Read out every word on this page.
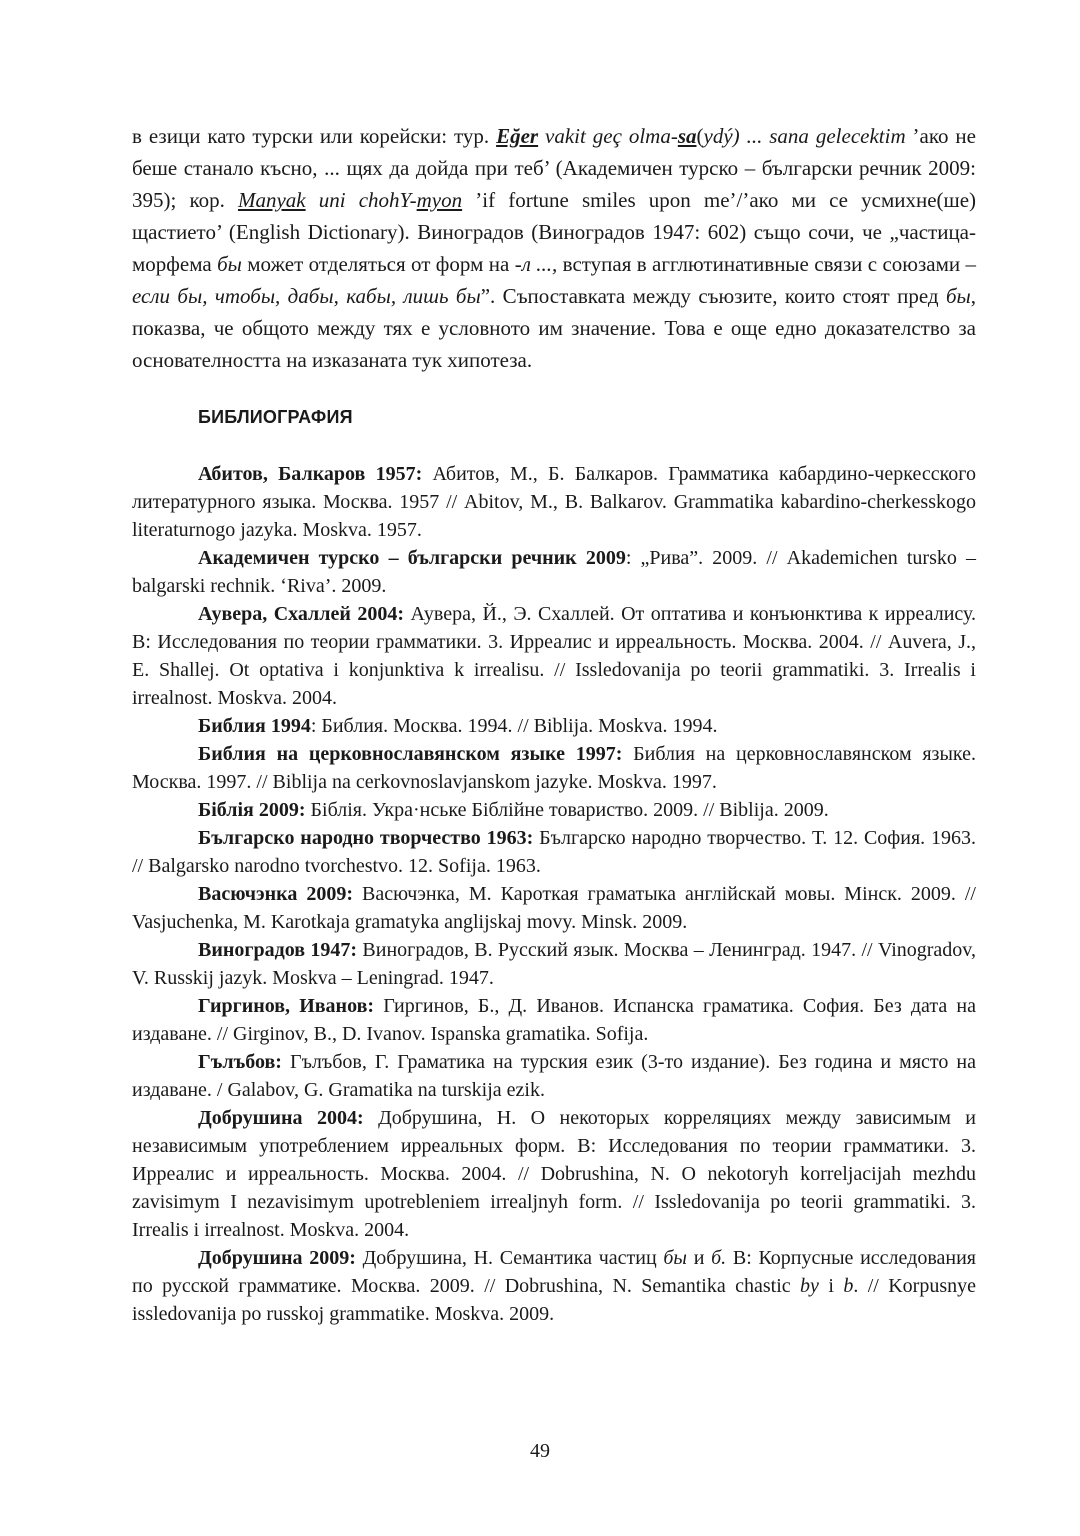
в езици като турски или корейски: тур. Eğer vakit geç olma-sa(ydý) ... sana gelecektim ’ако не беше станало късно, ... щях да дойда при теб’ (Академичен турско – български речник 2009: 395); кор. Manyak uni chohY-myon ’if fortune smiles upon me’/’ако ми се усмихне(ше) щастието’ (English Dictionary). Виноградов (Виноградов 1947: 602) също сочи, че „частица-морфема бы может отделяться от форм на -л ..., вступая в агглютинативные связи с союзами – если бы, чтобы, дабы, кабы, лишь бы”. Съпоставката между съюзите, които стоят пред бы, показва, че общото между тях е условното им значение. Това е още едно доказателство за основателността на изказаната тук хипотеза.

БИБЛИОГРАФИЯ

Абитов, Балкаров 1957: Абитов, М., Б. Балкаров. Грамматика кабардино-черкесского литературного языка. Москва. 1957 // Abitov, M., B. Balkarov. Grammatika kabardino-cherkesskogo literaturnogo jazyka. Moskva. 1957.

Академичен турско – български речник 2009: „Рива”. 2009. // Akademichen tursko – balgarski rechnik. ‘Riva’. 2009.

Аувера, Схаллей 2004: Аувера, Й., Э. Схаллей. От оптатива и конъюнктива к ирреалису. В: Исследования по теории грамматики. 3. Ирреалис и ирреальность. Москва. 2004. // Auvera, J., E. Shallej. Ot optativa i konjunktiva k irrealisu. // Issledovanija po teorii grammatiki. 3. Irrealis i irrealnost. Moskva. 2004.

Библия 1994: Библия. Москва. 1994. // Biblija. Moskva. 1994.

Библия на церковнославянском языке 1997: Библия на церковнославянском языке. Москва. 1997. // Biblija na cerkovnoslavjanskom jazyke. Moskva. 1997.

Біблія 2009: Біблія. Укра·нське Біблійне товариство. 2009. // Biblija. 2009.

Българско народно творчество 1963: Българско народно творчество. Т. 12. София. 1963. // Balgarsko narodno tvorchestvo. 12. Sofija. 1963.

Васючэнка 2009: Васючэнка, М. Кароткая граматыка англійскай мовы. Мінск. 2009. // Vasjuchenka, M. Karotkaja gramatyka anglijskaj movy. Minsk. 2009.

Виноградов 1947: Виноградов, В. Русский язык. Москва – Ленинград. 1947. // Vinogradov, V. Russkij jazyk. Moskva – Leningrad. 1947.

Гиргинов, Иванов: Гиргинов, Б., Д. Иванов. Испанска граматика. София. Без дата на издаване. // Girginov, B., D. Ivanov. Ispanska gramatika. Sofija.

Гълъбов: Гълъбов, Г. Граматика на турския език (3-то издание). Без година и място на издаване. / Galabov, G. Gramatika na turskija ezik.

Добрушина 2004: Добрушина, Н. О некоторых корреляциях между зависимым и независимым употреблением ирреальных форм. В: Исследования по теории грамматики. 3. Ирреалис и ирреальность. Москва. 2004. // Dobrushina, N. O nekotoryh korreljacijah mezhdu zavisimym I nezavisimym upotrebleniem irrealjnyh form. // Issledovanija po teorii grammatiki. 3. Irrealis i irrealnost. Moskva. 2004.

Добрушина 2009: Добрушина, Н. Семантика частиц бы и б. В: Корпусные исследования по русской грамматике. Москва. 2009. // Dobrushina, N. Semantika chastic by i b. // Korpusnye issledovanija po russkoj grammatike. Moskva. 2009.

49
